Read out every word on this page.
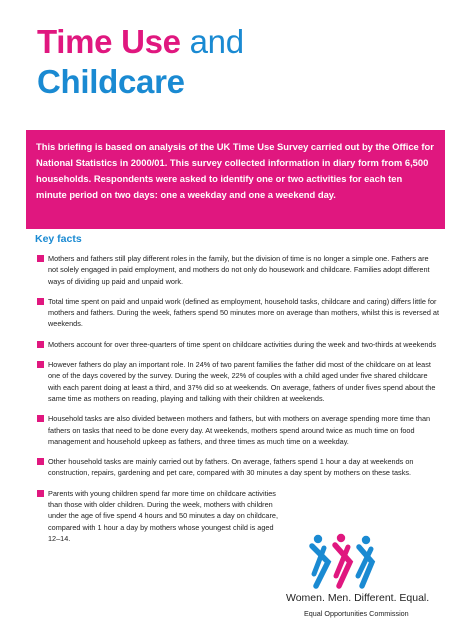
Time Use and
Childcare

This briefing is based on analysis of the UK Time Use Survey carried out by the Office for National Statistics in 2000/01. This survey collected information in diary form from 6,500 households. Respondents were asked to identify one or two activities for each ten minute period on two days: one a weekday and one a weekend day.

Key facts

Mothers and fathers still play different roles in the family, but the division of time is no longer a simple one. Fathers are not solely engaged in paid employment, and mothers do not only do housework and childcare. Families adopt different ways of dividing up paid and unpaid work.

Total time spent on paid and unpaid work (defined as employment, household tasks, childcare and caring) differs little for mothers and fathers. During the week, fathers spend 50 minutes more on average than mothers, whilst this is reversed at weekends.

Mothers account for over three-quarters of time spent on childcare activities during the week and two-thirds at weekends

However fathers do play an important role. In 24% of two parent families the father did most of the childcare on at least one of the days covered by the survey. During the week, 22% of couples with a child aged under five shared childcare with each parent doing at least a third, and 37% did so at weekends. On average, fathers of under fives spend about the same time as mothers on reading, playing and talking with their children at weekends.

Household tasks are also divided between mothers and fathers, but with mothers on average spending more time than fathers on tasks that need to be done every day. At weekends, mothers spend around twice as much time on food management and household upkeep as fathers, and three times as much time on a weekday.

Other household tasks are mainly carried out by fathers. On average, fathers spend 1 hour a day at weekends on construction, repairs, gardening and pet care, compared with 30 minutes a day spent by mothers on these tasks.

Parents with young children spend far more time on childcare activities than those with older children. During the week, mothers with children under the age of five spend 4 hours and 50 minutes a day on childcare, compared with 1 hour a day by mothers whose youngest child is aged 12–14.

Women. Men. Different. Equal.
Equal Opportunities Commission
